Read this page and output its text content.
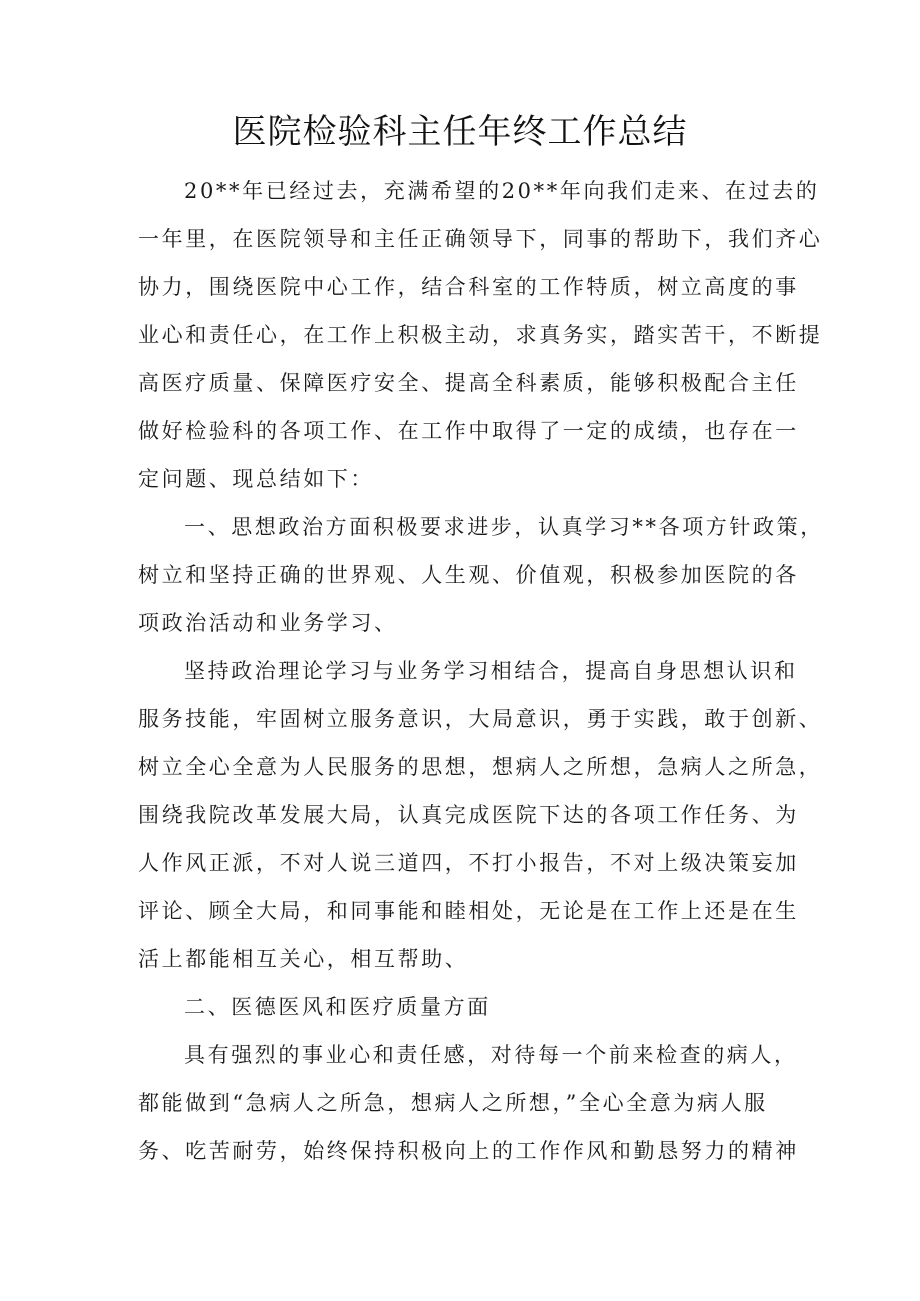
医院检验科主任年终工作总结
20**年已经过去，充满希望的20**年向我们走来、在过去的
一年里，在医院领导和主任正确领导下，同事的帮助下，我们齐心
协力，围绕医院中心工作，结合科室的工作特质，树立高度的事
业心和责任心，在工作上积极主动，求真务实，踏实苦干，不断提
高医疗质量、保障医疗安全、提高全科素质，能够积极配合主任
做好检验科的各项工作、在工作中取得了一定的成绩，也存在一
定问题、现总结如下：
一、思想政治方面积极要求进步，认真学习**各项方针政策，
树立和坚持正确的世界观、人生观、价值观，积极参加医院的各
项政治活动和业务学习、
坚持政治理论学习与业务学习相结合，提高自身思想认识和
服务技能，牢固树立服务意识，大局意识，勇于实践，敢于创新、
树立全心全意为人民服务的思想，想病人之所想，急病人之所急，
围绕我院改革发展大局，认真完成医院下达的各项工作任务、为
人作风正派，不对人说三道四，不打小报告，不对上级决策妄加
评论、顾全大局，和同事能和睦相处，无论是在工作上还是在生
活上都能相互关心，相互帮助、
二、医德医风和医疗质量方面
具有强烈的事业心和责任感，对待每一个前来检查的病人，
都能做到“急病人之所急，想病人之所想，”全心全意为病人服
务、吃苦耐劳，始终保持积极向上的工作作风和勤恳努力的精神
